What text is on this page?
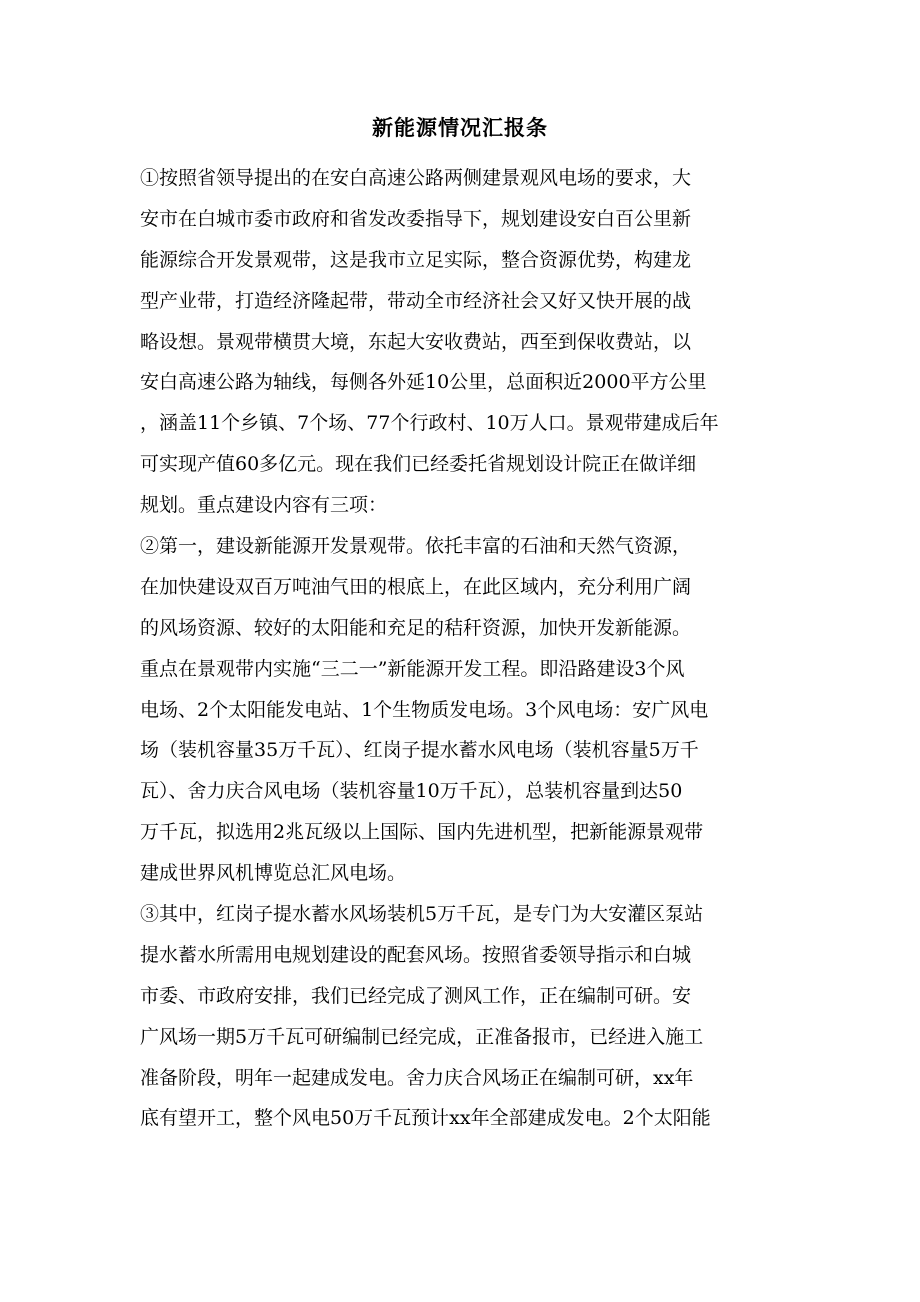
新能源情况汇报条

①按照省领导提出的在安白高速公路两侧建景观风电场的要求，大
安市在白城市委市政府和省发改委指导下，规划建设安白百公里新
能源综合开发景观带，这是我市立足实际，整合资源优势，构建龙
型产业带，打造经济隆起带，带动全市经济社会又好又快开展的战
略设想。景观带横贯大境，东起大安收费站，西至到保收费站，以
安白高速公路为轴线，每侧各外延10公里，总面积近2000平方公里
，涵盖11个乡镇、7个场、77个行政村、10万人口。景观带建成后年
可实现产值60多亿元。现在我们已经委托省规划设计院正在做详细
规划。重点建设内容有三项：

②第一，建设新能源开发景观带。依托丰富的石油和天然气资源，
在加快建设双百万吨油气田的根底上，在此区域内，充分利用广阔
的风场资源、较好的太阳能和充足的秸秆资源，加快开发新能源。
重点在景观带内实施“三二一”新能源开发工程。即沿路建设3个风
电场、2个太阳能发电站、1个生物质发电场。3个风电场：安广风电
场（装机容量35万千瓦）、红岗子提水蓄水风电场（装机容量5万千
瓦）、舍力庆合风电场（装机容量10万千瓦），总装机容量到达50
万千瓦，拟选用2兆瓦级以上国际、国内先进机型，把新能源景观带
建成世界风机博览总汇风电场。

③其中，红岗子提水蓄水风场装机5万千瓦，是专门为大安灌区泵站
提水蓄水所需用电规划建设的配套风场。按照省委领导指示和白城
市委、市政府安排，我们已经完成了测风工作，正在编制可研。安
广风场一期5万千瓦可研编制已经完成，正准备报市，已经进入施工
准备阶段，明年一起建成发电。舍力庆合风场正在编制可研，xx年
底有望开工，整个风电50万千瓦预计xx年全部建成发电。2个太阳能
